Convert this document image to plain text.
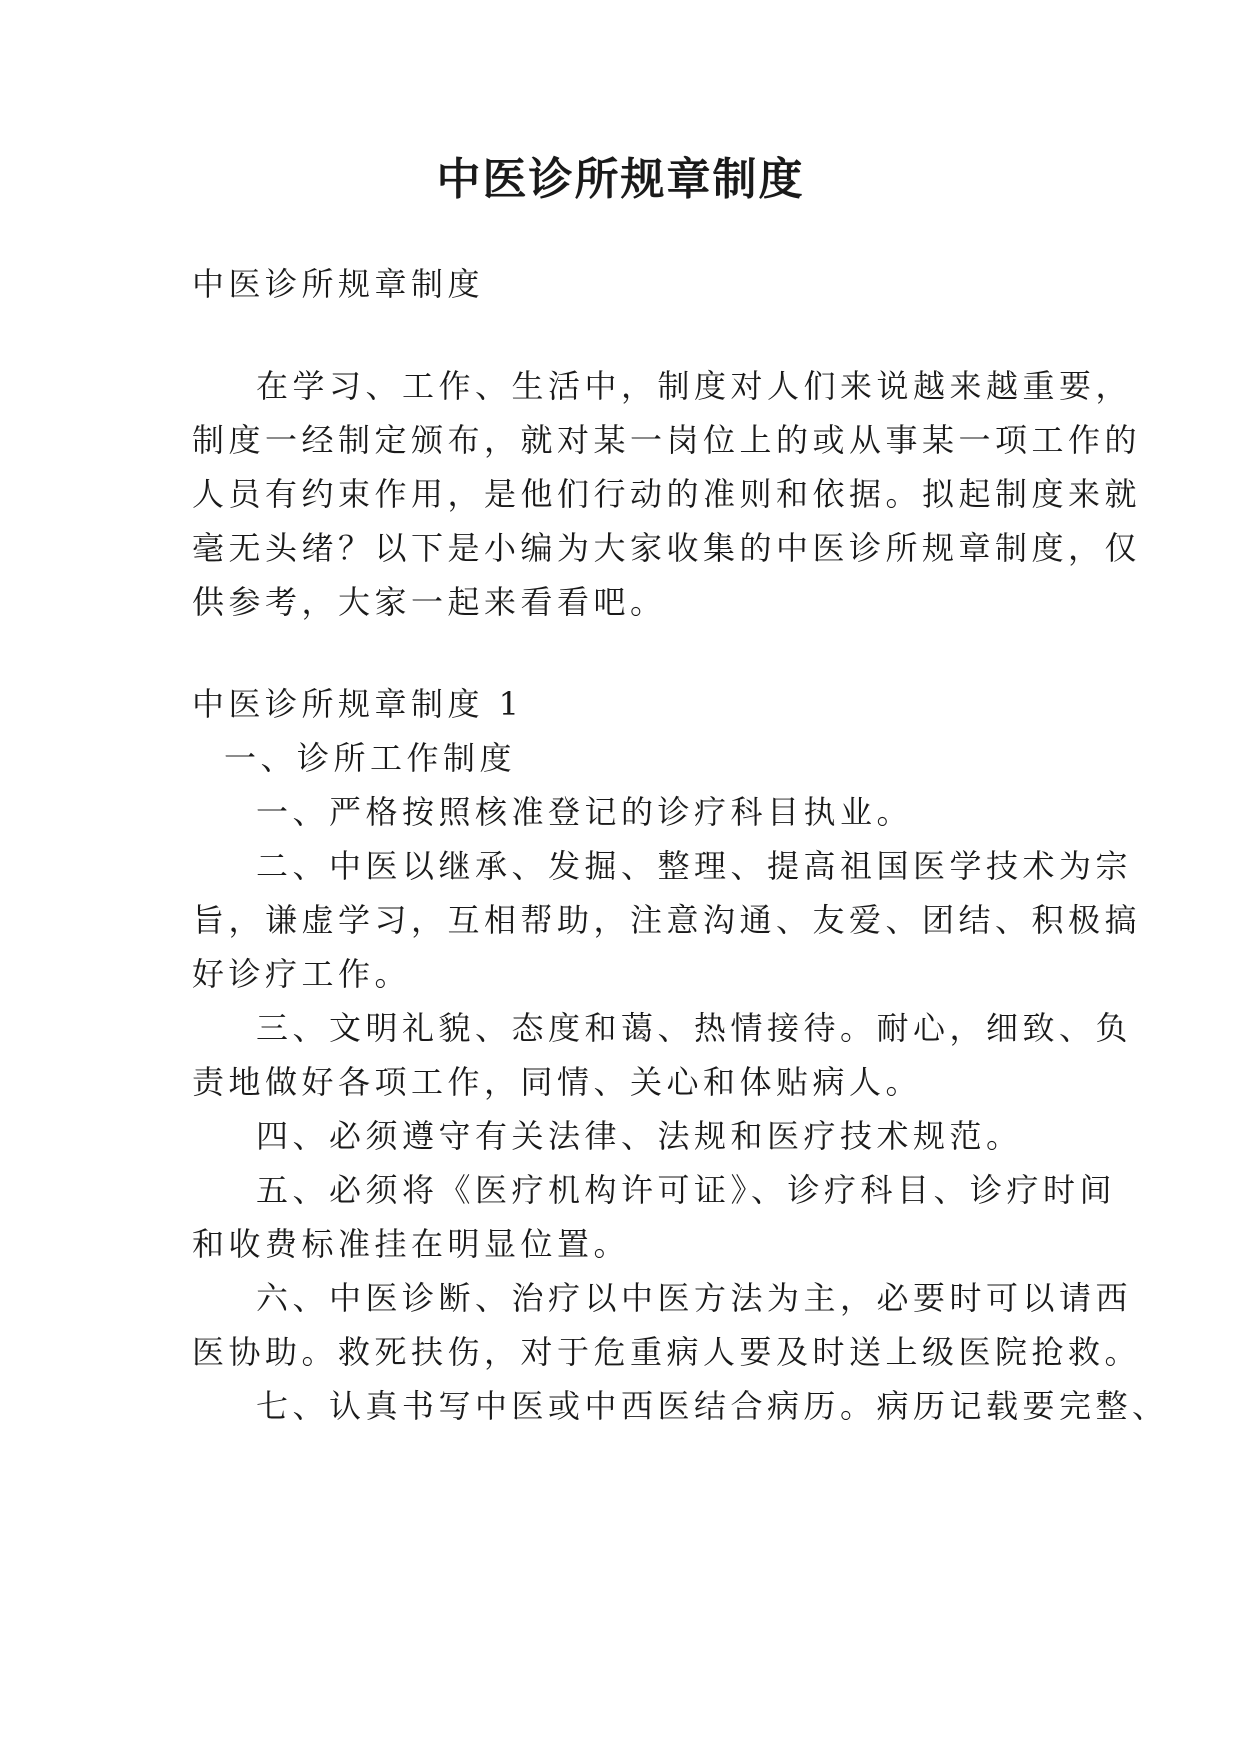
中医诊所规章制度

中医诊所规章制度

在学习、工作、生活中，制度对人们来说越来越重要，

制度一经制定颁布，就对某一岗位上的或从事某一项工作的

人员有约束作用，是他们行动的准则和依据。拟起制度来就

毫无头绪？以下是小编为大家收集的中医诊所规章制度，仅

供参考，大家一起来看看吧。

中医诊所规章制度 1

一、诊所工作制度

一、严格按照核准登记的诊疗科目执业。

二、中医以继承、发掘、整理、提高祖国医学技术为宗

旨，谦虚学习，互相帮助，注意沟通、友爱、团结、积极搞

好诊疗工作。

三、文明礼貌、态度和蔼、热情接待。耐心，细致、负

责地做好各项工作，同情、关心和体贴病人。

四、必须遵守有关法律、法规和医疗技术规范。

五、必须将《医疗机构许可证》、诊疗科目、诊疗时间

和收费标准挂在明显位置。

六、中医诊断、治疗以中医方法为主，必要时可以请西

医协助。救死扶伤，对于危重病人要及时送上级医院抢救。

七、认真书写中医或中西医结合病历。病历记载要完整、
